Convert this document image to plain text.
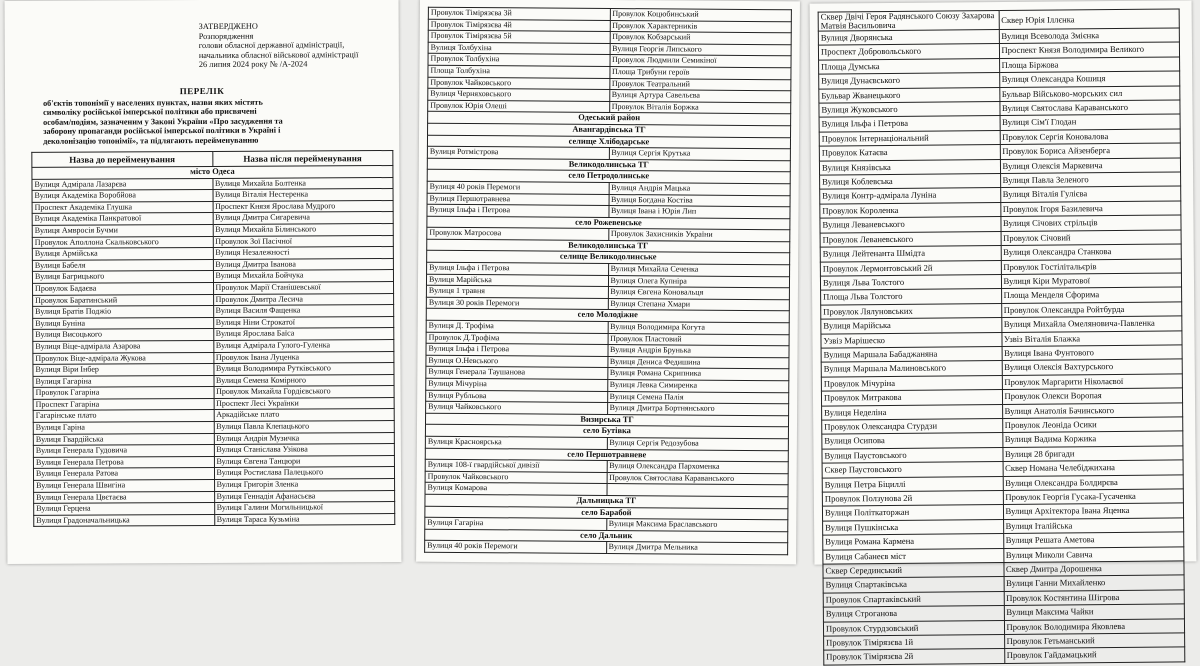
ЗАТВЕРДЖЕНО
Розпорядження
голови обласної державної адміністрації,
начальника обласної військової адміністрації
26 липня 2024 року № /А-2024
ПЕРЕЛІК
об'єктів топонімії у населених пунктах, назви яких містять
символіку російської імперської політики або присвячені
особам/подіям, зазначеним у Законі України «Про засудження та
заборону пропаганди російської імперської політики в Україні і
деколонізацію топонімії», та підлягають перейменуванню
Назва до перейменування	Назва після перейменування
місто Одеса	
Вулиця Адмірала Лазарєва	Вулиця Михайла Болтенка
Вулиця Академіка Воробйова	Вулиця Віталія Нестеренка
Проспект Академіка Глушка	Проспект Князя Ярослава Мудрого
Вулиця Академіка Панкратової	Вулиця Дмитра Сигаревича
Вулиця Амвросія Бучми	Вулиця Михайла Білинського
Провулок Аполлона Скальковського	Провулок Зої Пасічної
Вулиця Армійська	Вулиця Незалежності
Вулиця Бабеля	Вулиця Дмитра Іванова
Вулиця Багрицького	Вулиця Михайла Бойчука
Провулок Бадаєва	Провулок Марії Станішевської
Провулок Баратинський	Провулок Дмитра Лесича
Вулиця Братів Поджіо	Вулиця Василя Фащенка
Вулиця Буніна	Вулиця Ніни Строкатої
Вулиця Висоцького	Вулиця Ярослава Баїса
Вулиця Віце-адмірала Азарова	Вулиця Адмірала Гулого-Гуленка
Провулок Віце-адмірала Жукова	Провулок Івана Луценка
Вулиця Віри Інбер	Вулиця Володимира Рутківського
Вулиця Гагаріна	Вулиця Семена Комірного
Провулок Гагаріна	Провулок Михайла Гордієвського
Проспект Гагаріна	Проспект Лесі Українки
Гагарінське плато	Аркадійське плато
Вулиця Гаріна	Вулиця Павла Клепацького
Вулиця Гвардійська	Вулиця Андрія Музичка
Вулиця Генерала Гудовича	Вулиця Станіслава Узікова
Вулиця Генерала Петрова	Вулиця Євгена Танцюри
Вулиця Генерала Ратова	Вулиця Ростислава Палецького
Вулиця Генерала Швигіна	Вулиця Григорія Зленка
Вулиця Генерала Цвєтаєва	Вулиця Геннадія Афанасьєва
Вулиця Герцена	Вулиця Галини Могильницької
Вулиця Градоначальницька	Вулиця Тараса Кузьміна
Провулок Тімірязєва 3й	Провулок Коцюбинський
Провулок Тімірязєва 4й	Провулок Характерників
Провулок Тімірязєва 5й	Провулок Кобзарський
Вулиця Толбухіна	Вулиця Георгія Липського
Провулок Толбухіна	Провулок Людмили Семикіної
Площа Толбухіна	Площа Трибуни героїв
Провулок Чайковського	Провулок Театральний
Вулиця Черняховського	Вулиця Артура Савельєва
Провулок Юрія Олеші	Провулок Віталія Боржка
Одеський район	
Авангардівська ТГ	
селище Хлібодарське	
Вулиця Ротмістрова	Вулиця Сергія Крутька
Великодолинська ТГ	
село Петродолинське	
Вулиця 40 років Перемоги	Вулиця Андрія Мацька
Вулиця Першотравнева	Вулиця Богдана Костіва
Вулиця Ільфа і Петрова	Вулиця Івана і Юрія Лип
село Рожевенське	
Провулок Матросова	Провулок Захисників України
Великодолинська ТГ	
селище Великодолинське	
Вулиця Ільфа і Петрова	Вулиця Михайла Сеченка
Вулиця Марійська	Вулиця Олега Купніра
Вулиця 1 травня	Вулиця Євгена Коновальця
Вулиця 30 років Перемоги	Вулиця Степана Хмари
село Молодіжне	
Вулиця Д. Трофіма	Вулиця Володимира Когута
Провулок Д.Трофіма	Провулок Пластовий
Вулиця Ільфа і Петрова	Вулиця Андрія Брунька
Вулиця О.Невського	Вулиця Дениса Федишина
Вулиця Генерала Таушанова	Вулиця Романа Скрипника
Вулиця Мічуріна	Вулиця Левка Симиренка
Вулиця Рубльова	Вулиця Семена Палія
Вулиця Чайковського	Вулиця Дмитра Бортнянського
Визирська ТГ	
село Бутівка	
Вулиця Красноярська	Вулиця Сергія Редозубова
село Першотравневе	
Вулиця 108-ї гвардійської дивізії	Вулиця Олександра Пархоменка
Провулок Чайковського	Провулок Святослава Караванського
Вулиця Комарова	
Дальницька ТГ	
село Барабой	
Вулиця Гагаріна	Вулиця Максима Браславського
село Дальник	
Вулиця 40 років Перемоги	Вулиця Дмитра Мельника
Сквер Двічі Героя Радянського Союзу Захарова Матвія Васильовича	Сквер Юрія Іллєнка
Вулиця Дворянська	Вулиця Всеволода Змієнка
Проспект Добровольського	Проспект Князя Володимира Великого
Площа Думська	Площа Біржова
Вулиця Дунаєвського	Вулиця Олександра Кошиця
Бульвар Жванецького	Бульвар Військово-морських сил
Вулиця Жуковського	Вулиця Святослава Караванського
Вулиця Ільфа і Петрова	Вулиця Сім'ї Глодан
Провулок Інтернаціональний	Провулок Сергія Коновалова
Провулок Катаєва	Провулок Бориса Айзенберга
Вулиця Князівська	Вулиця Олексія Маркевича
Вулиця Коблевська	Вулиця Павла Зеленого
Вулиця Контр-адмірала Луніна	Вулиця Віталія Гулієва
Провулок Короленка	Провулок Ігоря Базилевича
Вулиця Леваневського	Вулиця Січових стрільців
Провулок Леваневського	Провулок Січовий
Вулиця Лейтенанта Шмідта	Вулиця Олександра Станкова
Провулок Лермонтовський 2й	Провулок Гостілітальєрів
Вулиця Льва Толстого	Вулиця Кіри Муратової
Площа Льва Толстого	Площа Менделя Сфорима
Провулок Лялуновських	Провулок Олександра Ройтбурда
Вулиця Марійська	Вулиця Михайла Омеляновича-Павленка
Узвіз Марішеско	Узвіз Віталія Блажка
Вулиця Маршала Бабаджаняна	Вулиця Івана Фунтового
Вулиця Маршала Малиновського	Вулиця Олексія Вахтурського
Провулок Мічуріна	Провулок Маргарити Ніколаєвої
Провулок Митракова	Провулок Олекси Воропая
Вулиця Неделіна	Вулиця Анатолія Бачинського
Провулок Олександра Стурдзи	Провулок Леоніда Осики
Вулиця Осипова	Вулиця Вадима Коржика
Вулиця Паустовського	Вулиця 28 бригади
Сквер Паустовського	Сквер Номана Челебіджихана
Вулиця Петра Біциллі	Вулиця Олександра Болдирєва
Провулок Ползунова 2й	Провулок Георгія Гусака-Гусаченка
Вулиця Політкаторжан	Вулиця Архітектора Івана Яценка
Вулиця Пушкінська	Вулиця Італійська
Вулиця Романа Кармена	Вулиця Решата Аметова
Вулиця Сабанеєв міст	Вулиця Миколи Савича
Сквер Серединський	Сквер Дмитра Дорошенка
Вулиця Спартаківська	Вулиця Ганни Михайленко
Провулок Спартаківський	Провулок Костянтина Шігрова
Вулиця Строганова	Вулиця Максима Чайки
Провулок Стурдзовський	Провулок Володимира Яковлева
Провулок Тімірязєва 1й	Провулок Гетьманський
Провулок Тімірязєва 2й	Провулок Гайдамацький
